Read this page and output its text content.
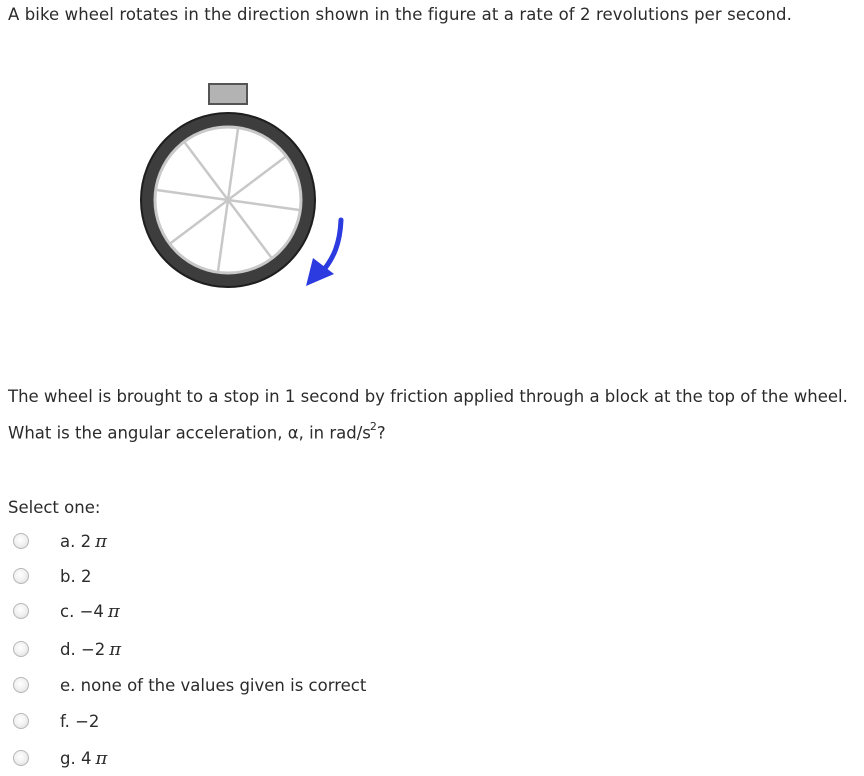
A bike wheel rotates in the direction shown in the figure at a rate of 2 revolutions per second.
The wheel is brought to a stop in 1 second by friction applied through a block at the top of the wheel.
What is the angular acceleration, α, in rad/$s^2$?
Select one:
a. 2 π
b. 2
c. −4 π
d. −2 π
e. none of the values given is correct
f. −2
g. 4 π
